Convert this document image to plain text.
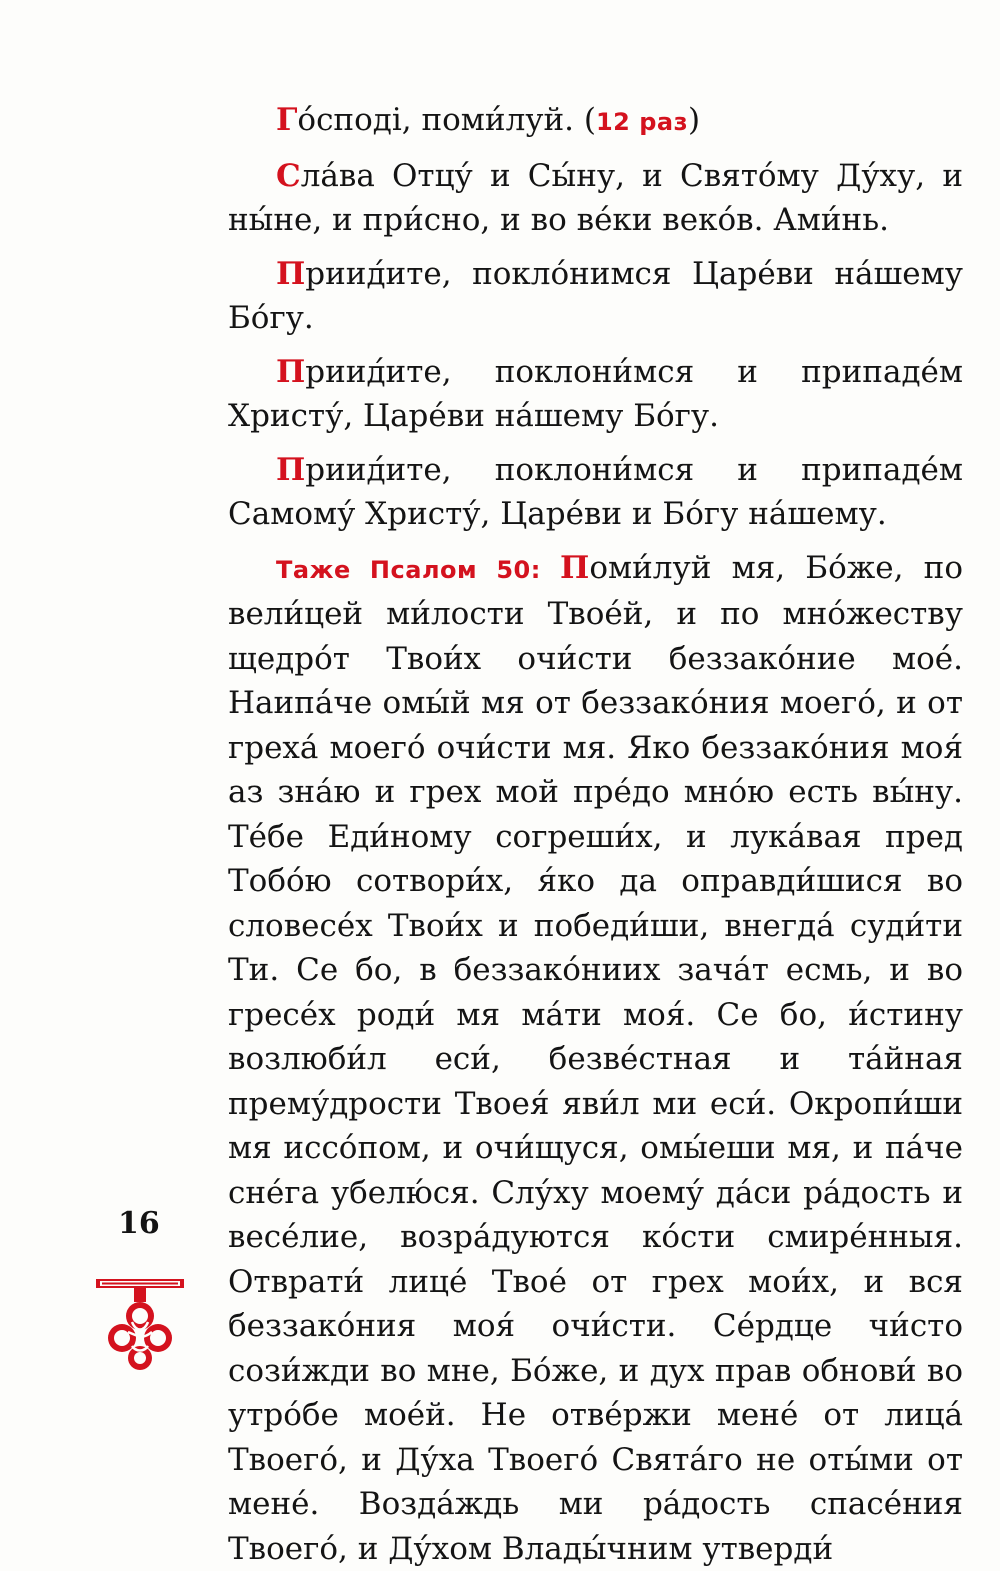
Го́сподi, поми́луй. (12 раз)

Сла́ва Отцу́ и Сы́ну, и Свято́му Ду́ху, и ны́не, и при́сно, и во ве́ки веко́в. Ами́нь.

Приид́ите, покло́нимся Царе́ви на́шему Бо́гу.

Приид́ите, поклони́мся и припаде́м Христу́, Царе́ви на́шему Бо́гу.

Приид́ите, поклони́мся и припаде́м Самому́ Христу́, Царе́ви и Бо́гу на́шему.

Таже Псалом 50: Поми́луй мя, Бо́же, по вели́цей ми́лости Твое́й, и по мно́жеству щедро́т Твои́х очи́сти беззако́ние мое́. Наипа́че омы́й мя от беззако́ния моего́, и от греха́ моего́ очи́сти мя. Яко беззако́ния моя́ аз зна́ю и грех мой пре́до мно́ю есть вы́ну. Те́бе Еди́ному согреши́х, и лука́вая пред Тобо́ю сотвори́х, я́ко да оправди́шися во словесе́х Твои́х и победи́ши, внегда́ суди́ти Ти. Се бо, в беззако́ниих зача́т есмь, и во гресе́х роди́ мя ма́ти моя́. Се бо, и́стину возлюби́л еси́, безве́стная и та́йная прему́дрости Твоея́ яви́л ми еси́. Окропи́ши мя иссо́пом, и очи́щуся, омы́еши мя, и па́че сне́га убелю́ся. Слу́ху моему́ да́си ра́дость и весе́лие, возра́дуются ко́сти смире́нныя. Отврати́ лице́ Твое́ от грех мои́х, и вся беззако́ния моя́ очи́сти. Се́рдце чи́сто сози́жди во мне, Бо́же, и дух прав обнови́ во утро́бе мое́й. Не отве́ржи мене́ от лица́ Твоего́, и Ду́ха Твоего́ Свята́го не оты́ми от мене́. Возда́ждь ми ра́дость спасе́ния Твоего́, и Ду́хом Влады́чним утверди́

16
